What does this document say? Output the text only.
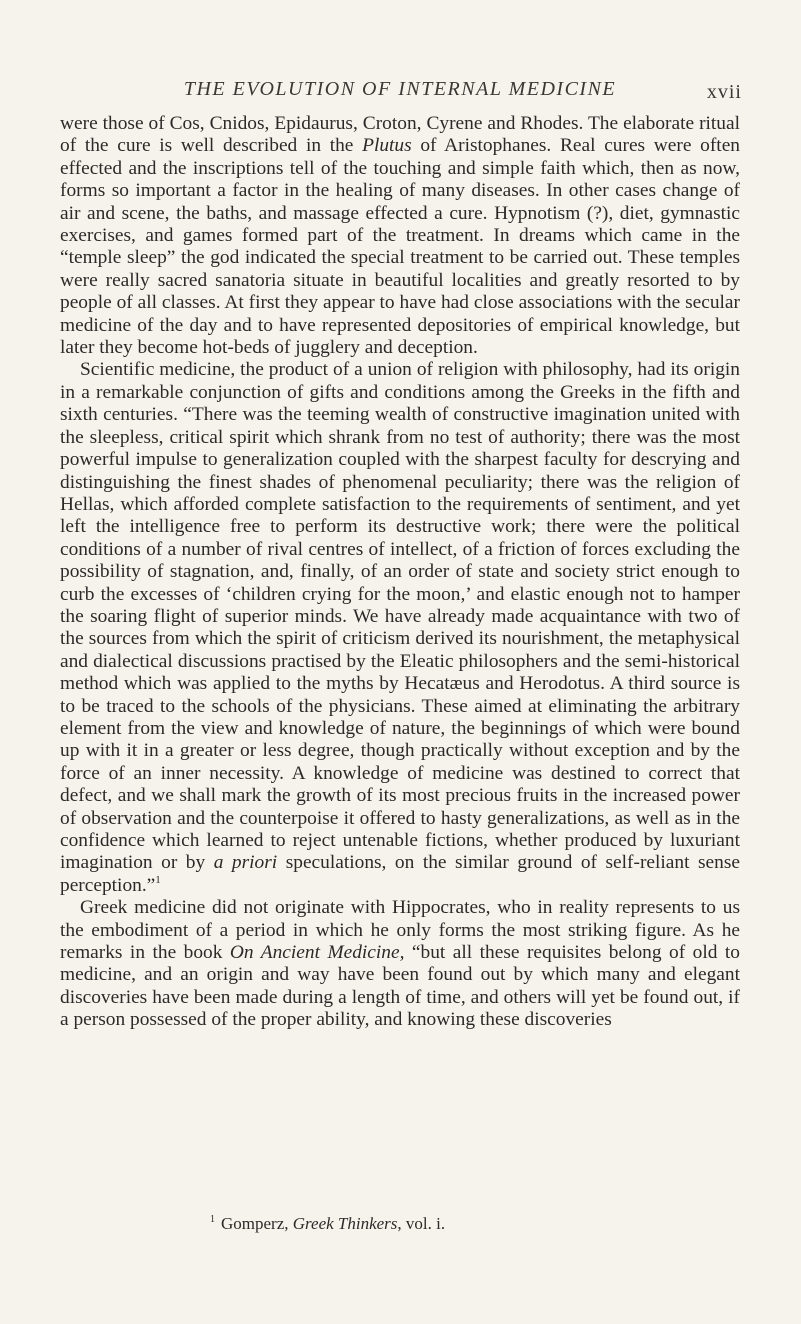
THE EVOLUTION OF INTERNAL MEDICINE	xvii

were those of Cos, Cnidos, Epidaurus, Croton, Cyrene and Rhodes. The elaborate ritual of the cure is well described in the Plutus of Aristophanes. Real cures were often effected and the inscriptions tell of the touching and simple faith which, then as now, forms so important a factor in the healing of many diseases. In other cases change of air and scene, the baths, and massage effected a cure. Hypnotism (?), diet, gymnastic exercises, and games formed part of the treatment. In dreams which came in the “temple sleep” the god indicated the special treatment to be carried out. These temples were really sacred sanatoria situate in beautiful localities and greatly resorted to by people of all classes. At first they appear to have had close associations with the secular medicine of the day and to have represented depositories of empirical knowledge, but later they become hot-beds of jugglery and deception.

Scientific medicine, the product of a union of religion with philosophy, had its origin in a remarkable conjunction of gifts and conditions among the Greeks in the fifth and sixth centuries. “There was the teeming wealth of constructive imagination united with the sleepless, critical spirit which shrank from no test of authority; there was the most powerful impulse to generalization coupled with the sharpest faculty for descrying and distinguishing the finest shades of phenomenal peculiarity; there was the religion of Hellas, which afforded complete satisfaction to the requirements of sentiment, and yet left the intelligence free to perform its destructive work; there were the political conditions of a number of rival centres of intellect, of a friction of forces excluding the possibility of stagnation, and, finally, of an order of state and society strict enough to curb the excesses of ‘children crying for the moon,’ and elastic enough not to hamper the soaring flight of superior minds. We have already made acquaintance with two of the sources from which the spirit of criticism derived its nourishment, the metaphysical and dialectical discussions practised by the Eleatic philosophers and the semi-historical method which was applied to the myths by Hecatæus and Herodotus. A third source is to be traced to the schools of the physicians. These aimed at eliminating the arbitrary element from the view and knowledge of nature, the beginnings of which were bound up with it in a greater or less degree, though practically without exception and by the force of an inner necessity. A knowledge of medicine was destined to correct that defect, and we shall mark the growth of its most precious fruits in the increased power of observation and the counterpoise it offered to hasty generalizations, as well as in the confidence which learned to reject untenable fictions, whether produced by luxuriant imagination or by a priori speculations, on the similar ground of self-reliant sense perception.”$^1$

Greek medicine did not originate with Hippocrates, who in reality represents to us the embodiment of a period in which he only forms the most striking figure. As he remarks in the book On Ancient Medicine, “but all these requisites belong of old to medicine, and an origin and way have been found out by which many and elegant discoveries have been made during a length of time, and others will yet be found out, if a person possessed of the proper ability, and knowing these discoveries

$^1$ Gomperz, Greek Thinkers, vol. i.
